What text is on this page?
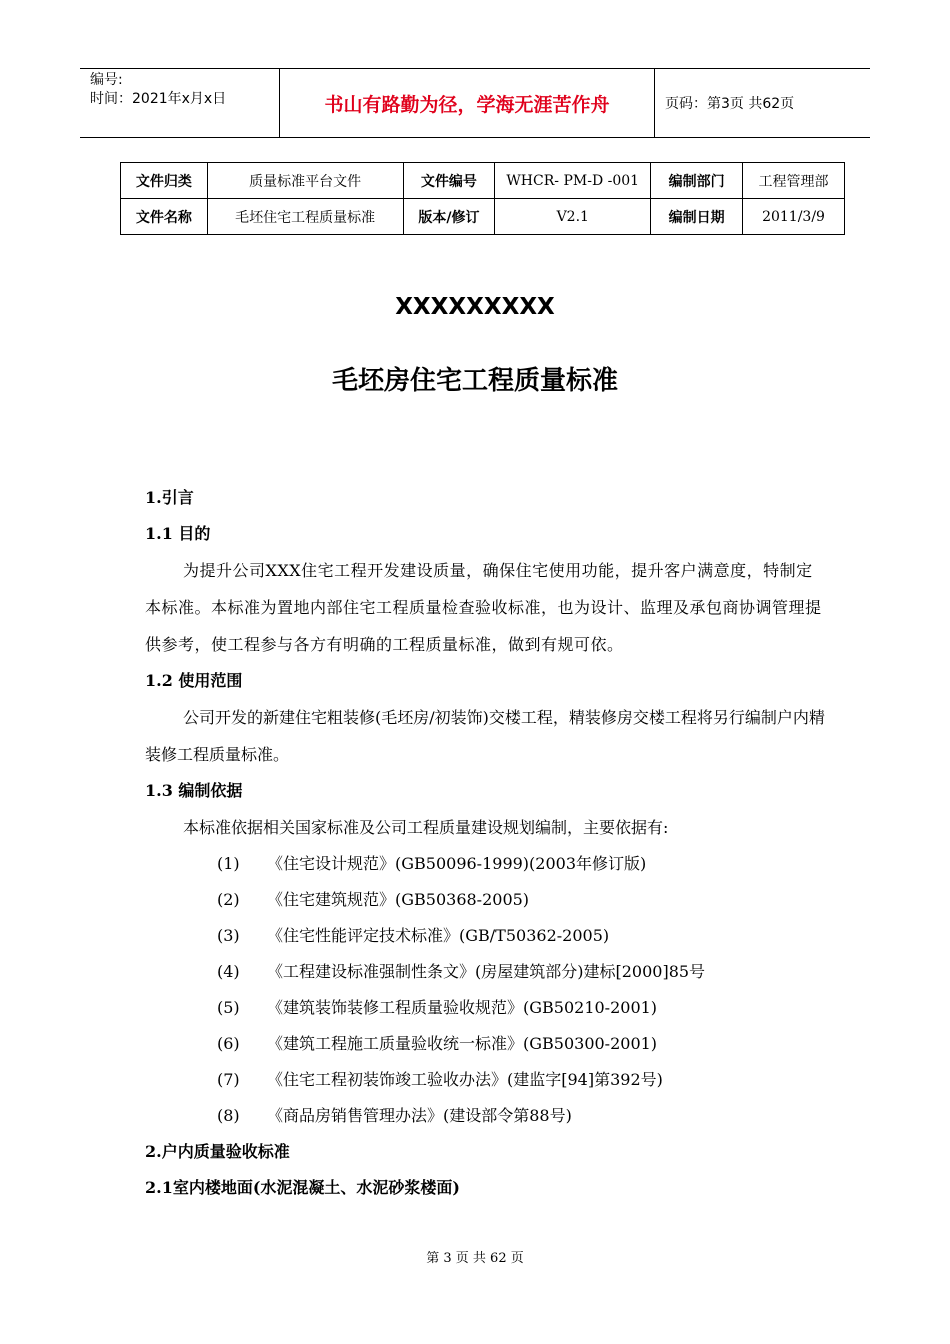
编号:
时间：2021年x月x日	书山有路勤为径，学海无涯苦作舟	页码：第3页 共62页
文件归类	质量标准平台文件	文件编号	WHCR- PM-D -001	编制部门	工程管理部
文件名称	毛坯住宅工程质量标准	版本/修订	V2.1	编制日期	2011/3/9
XXXXXXXXX
毛坯房住宅工程质量标准
1.引言
1.1 目的
为提升公司XXX住宅工程开发建设质量，确保住宅使用功能，提升客户满意度，特制定本标准。本标准为置地内部住宅工程质量检查验收标准，也为设计、监理及承包商协调管理提供参考，使工程参与各方有明确的工程质量标准，做到有规可依。
1.2 使用范围
公司开发的新建住宅粗装修(毛坯房/初装饰)交楼工程，精装修房交楼工程将另行编制户内精装修工程质量标准。
1.3 编制依据
本标准依据相关国家标准及公司工程质量建设规划编制，主要依据有:
(1)	《住宅设计规范》(GB50096-1999)(2003年修订版)
(2)	《住宅建筑规范》(GB50368-2005)
(3)	《住宅性能评定技术标准》(GB/T50362-2005)
(4)	《工程建设标准强制性条文》(房屋建筑部分)建标[2000]85号
(5)	《建筑装饰装修工程质量验收规范》(GB50210-2001)
(6)	《建筑工程施工质量验收统一标准》(GB50300-2001)
(7)	《住宅工程初装饰竣工验收办法》(建监字[94]第392号)
(8)	《商品房销售管理办法》(建设部令第88号)
2.户内质量验收标准
2.1室内楼地面(水泥混凝土、水泥砂浆楼面)
第 3 页 共 62 页
